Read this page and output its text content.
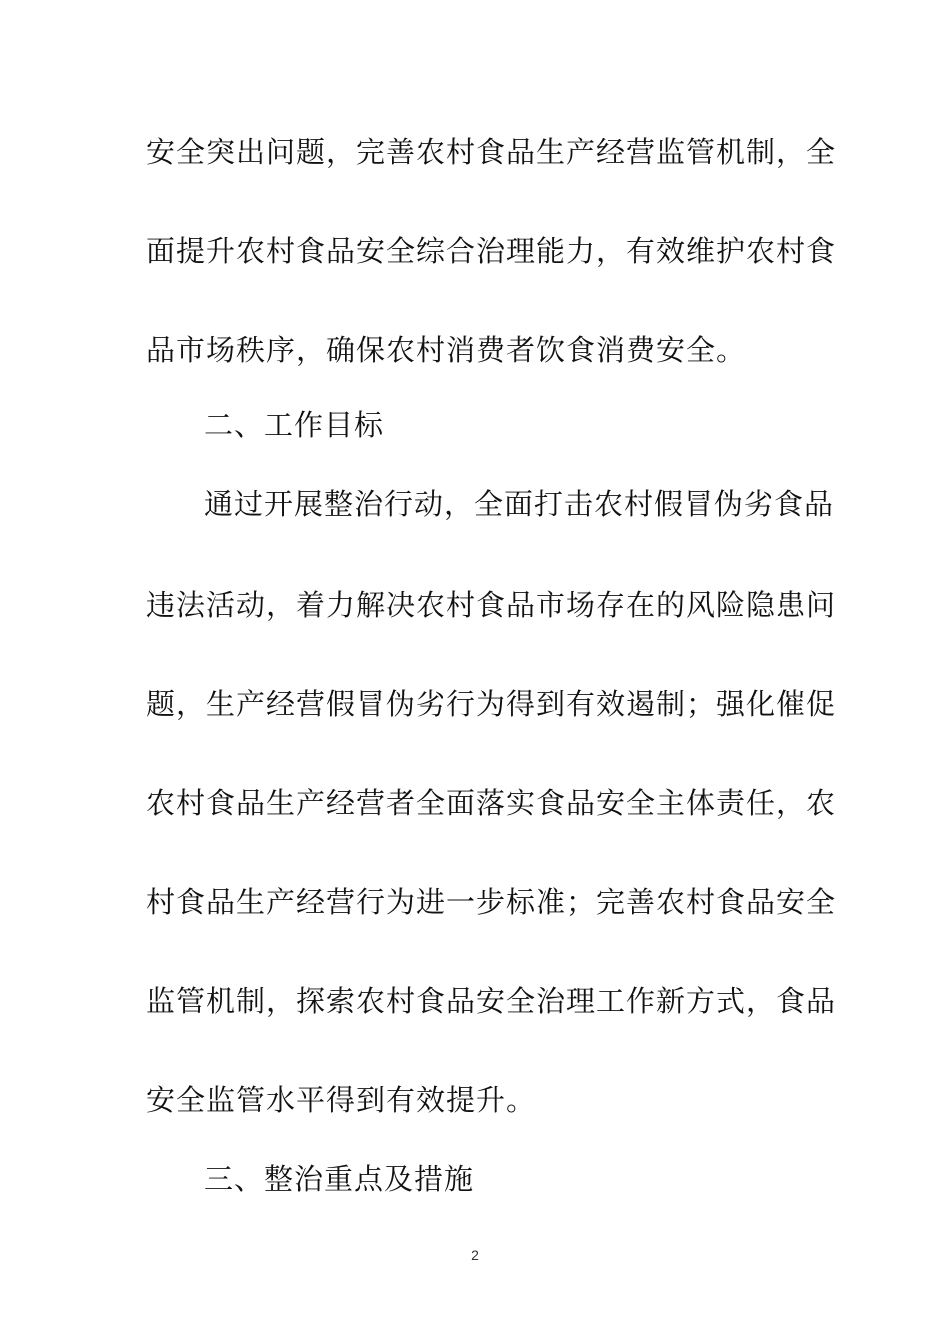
安全突出问题，完善农村食品生产经营监管机制，全
面提升农村食品安全综合治理能力，有效维护农村食
品市场秩序，确保农村消费者饮食消费安全。
二、工作目标
通过开展整治行动，全面打击农村假冒伪劣食品
违法活动，着力解决农村食品市场存在的风险隐患问
题，生产经营假冒伪劣行为得到有效遏制；强化催促
农村食品生产经营者全面落实食品安全主体责任，农
村食品生产经营行为进一步标准；完善农村食品安全
监管机制，探索农村食品安全治理工作新方式，食品
安全监管水平得到有效提升。
三、整治重点及措施
2
